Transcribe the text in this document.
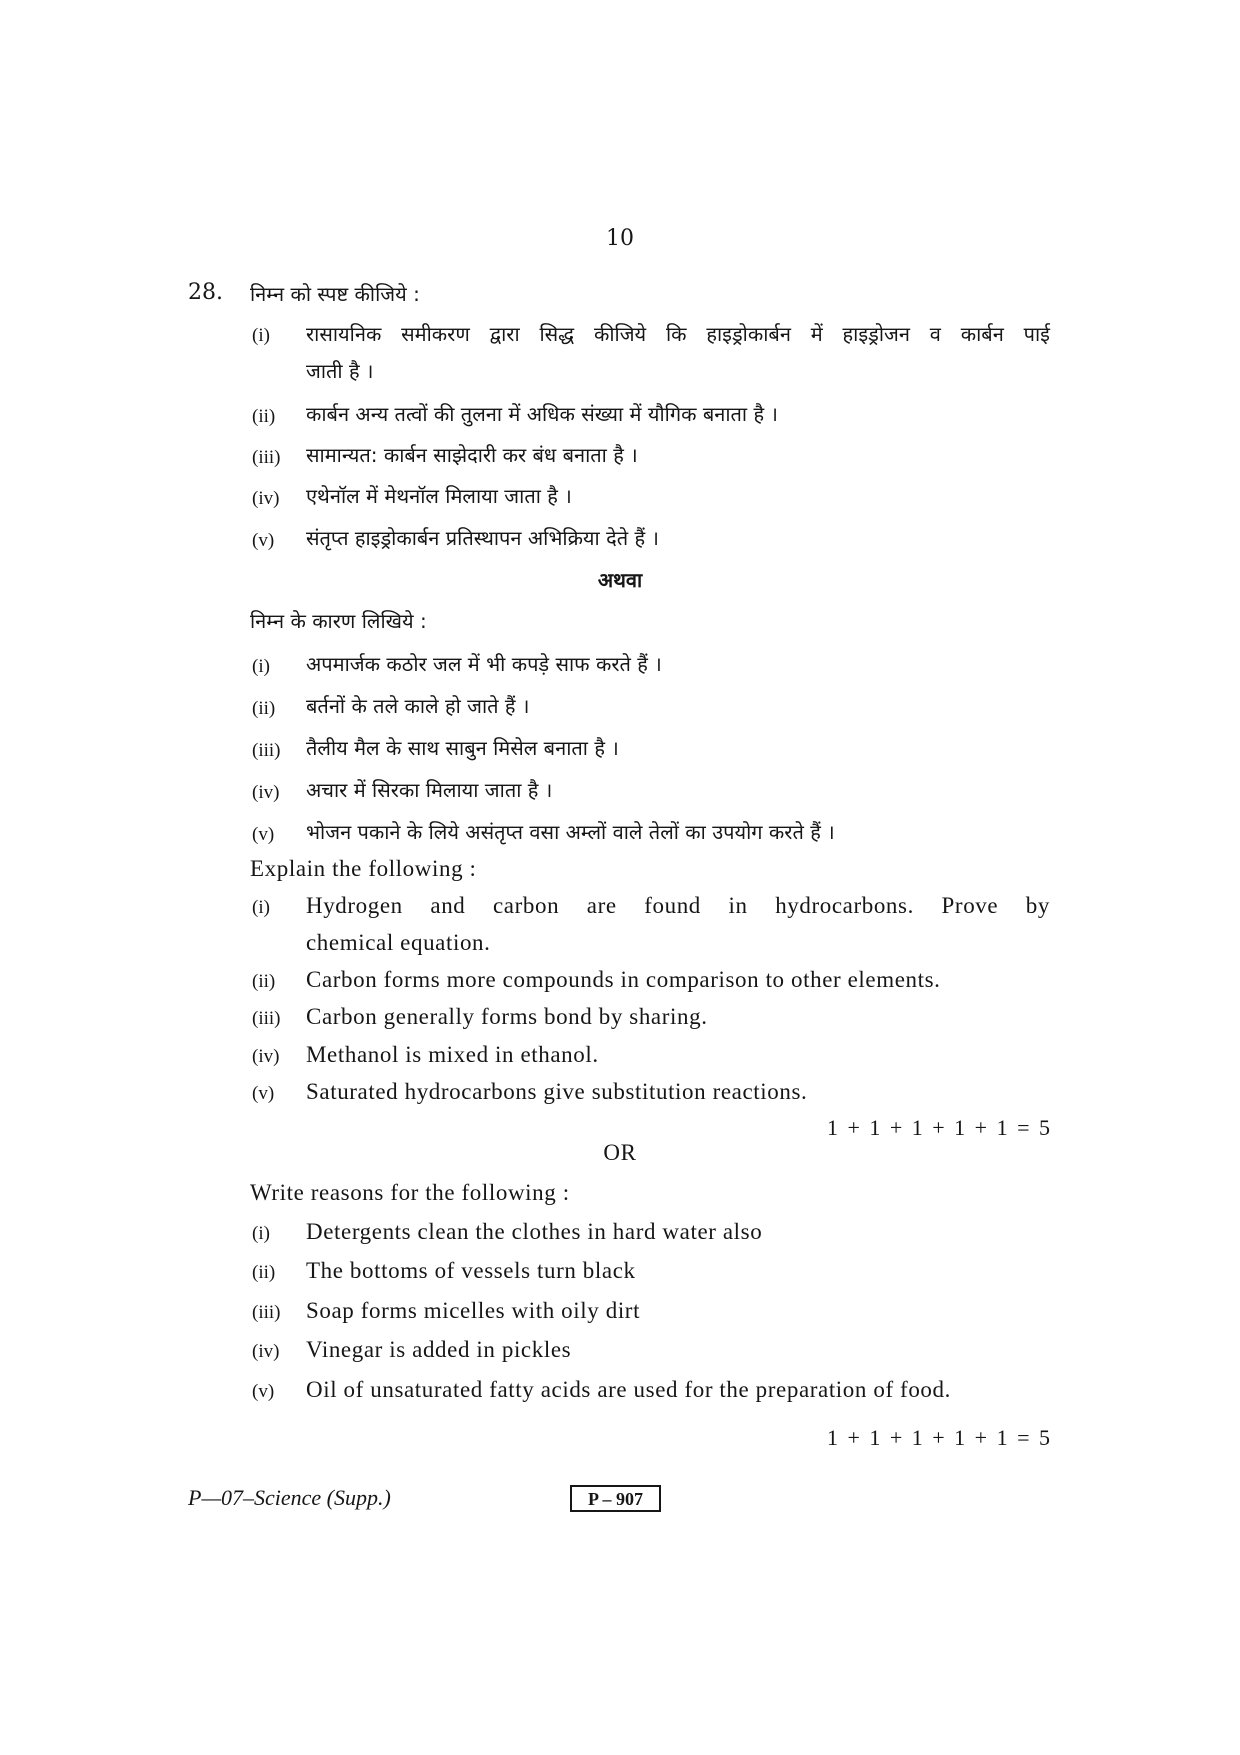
10
28. निम्न को स्पष्ट कीजिये :
(i) रासायनिक समीकरण द्वारा सिद्ध कीजिये कि हाइड्रोकार्बन में हाइड्रोजन व कार्बन पाई
जाती है ।
(ii) कार्बन अन्य तत्वों की तुलना में अधिक संख्या में यौगिक बनाता है ।
(iii) सामान्यत: कार्बन साझेदारी कर बंध बनाता है ।
(iv) एथेनॉल में मेथनॉल मिलाया जाता है ।
(v) संतृप्त हाइड्रोकार्बन प्रतिस्थापन अभिक्रिया देते हैं ।
अथवा
निम्न के कारण लिखिये :
(i) अपमार्जक कठोर जल में भी कपड़े साफ करते हैं ।
(ii) बर्तनों के तले काले हो जाते हैं ।
(iii) तैलीय मैल के साथ साबुन मिसेल बनाता है ।
(iv) अचार में सिरका मिलाया जाता है ।
(v) भोजन पकाने के लिये असंतृप्त वसा अम्लों वाले तेलों का उपयोग करते हैं ।
Explain the following :
(i) Hydrogen and carbon are found in hydrocarbons. Prove by
chemical equation.
(ii) Carbon forms more compounds in comparison to other elements.
(iii) Carbon generally forms bond by sharing.
(iv) Methanol is mixed in ethanol.
(v) Saturated hydrocarbons give substitution reactions.
1 + 1 + 1 + 1 + 1 = 5
OR
Write reasons for the following :
(i) Detergents clean the clothes in hard water also
(ii) The bottoms of vessels turn black
(iii) Soap forms micelles with oily dirt
(iv) Vinegar is added in pickles
(v) Oil of unsaturated fatty acids are used for the preparation of food.
1 + 1 + 1 + 1 + 1 = 5
P—07–Science (Supp.)	P – 907
